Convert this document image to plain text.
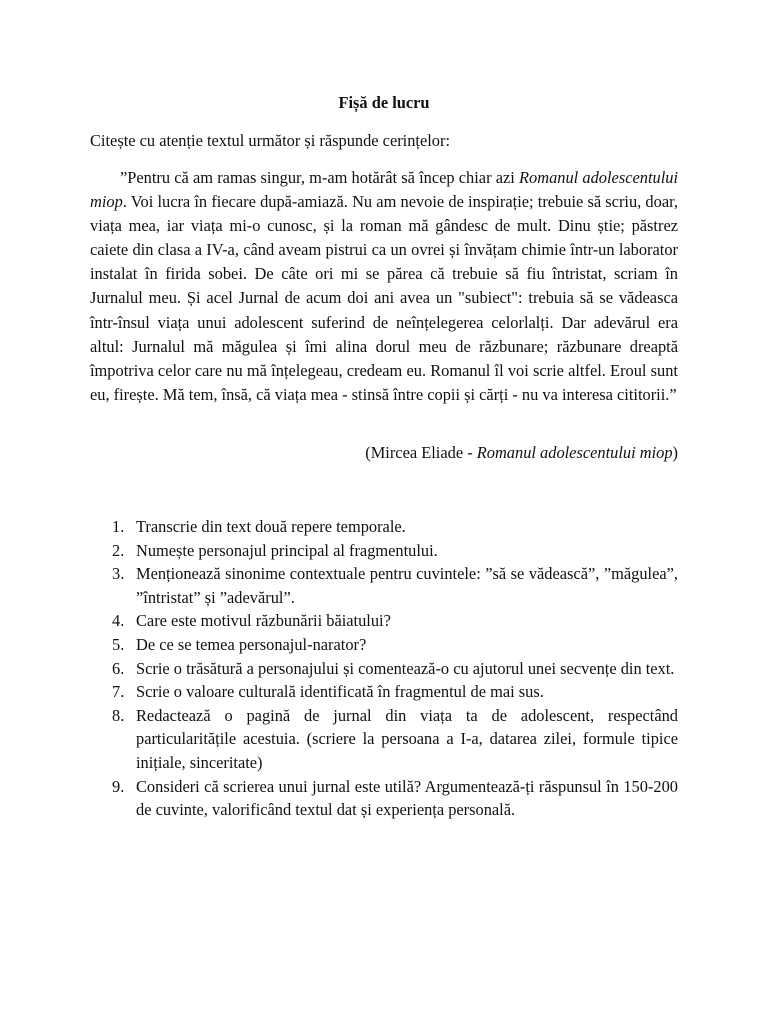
Fișă de lucru
Citește cu atenție textul următor și răspunde cerințelor:

”Pentru că am ramas singur, m-am hotărât să încep chiar azi Romanul adolescentului miop. Voi lucra în fiecare după-amiază. Nu am nevoie de inspirație; trebuie să scriu, doar, viața mea, iar viața mi-o cunosc, și la roman mă gândesc de mult. Dinu știe; păstrez caiete din clasa a IV-a, când aveam pistrui ca un ovrei și învățam chimie într-un laborator instalat în firida sobei. De câte ori mi se părea că trebuie să fiu întristat, scriam în Jurnalul meu. Și acel Jurnal de acum doi ani avea un "subiect": trebuia să se vădeasca într-însul viața unui adolescent suferind de neînțelegerea celorlalți. Dar adevărul era altul: Jurnalul mă măgulea și îmi alina dorul meu de răzbunare; răzbunare dreaptă împotriva celor care nu mă înțelegeau, credeam eu. Romanul îl voi scrie altfel. Eroul sunt eu, firește. Mă tem, însă, că viața mea - stinsă între copii și cărți - nu va interesa cititorii.”

(Mircea Eliade - Romanul adolescentului miop)
1. Transcrie din text două repere temporale.
2. Numește personajul principal al fragmentului.
3. Menționează sinonime contextuale pentru cuvintele: ”să se vădească”, ”măgulea”, ”întristat” și ”adevărul”.
4. Care este motivul răzbunării băiatului?
5. De ce se temea personajul-narator?
6. Scrie o trăsătură a personajului și comentează-o cu ajutorul unei secvențe din text.
7. Scrie o valoare culturală identificată în fragmentul de mai sus.
8. Redactează o pagină de jurnal din viața ta de adolescent, respectând particularitățile acestuia. (scriere la persoana a I-a, datarea zilei, formule tipice inițiale, sinceritate)
9. Consideri că scrierea unui jurnal este utilă? Argumentează-ți răspunsul în 150-200 de cuvinte, valorificând textul dat și experiența personală.
